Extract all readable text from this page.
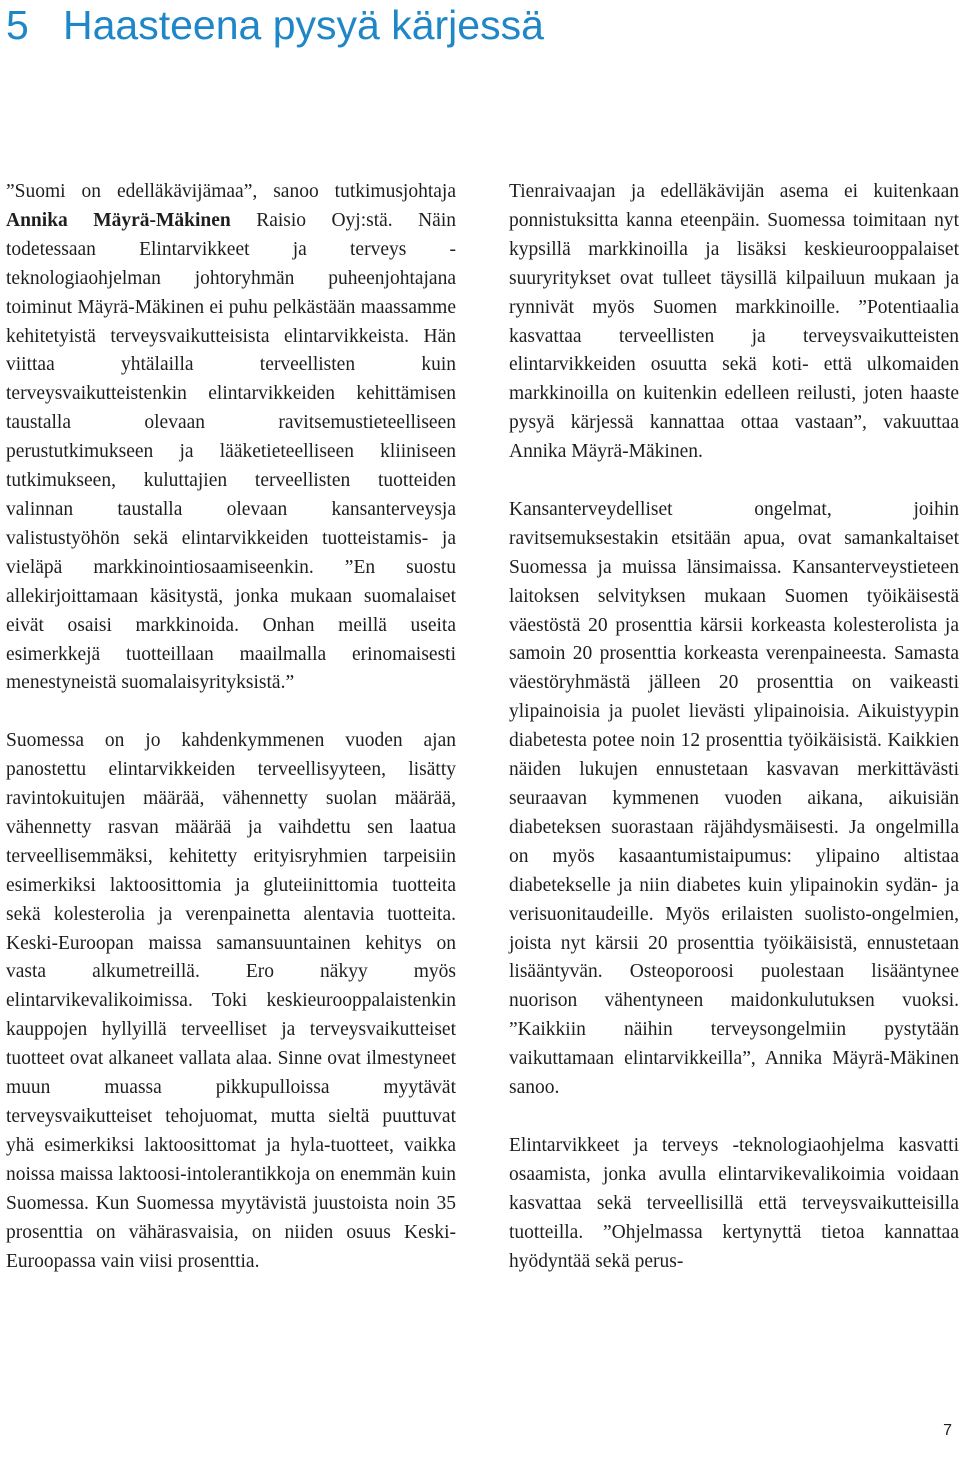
5 Haasteena pysyä kärjessä

”Suomi on edelläkävijämaa”, sanoo tutkimusjohtaja Annika Mäyrä-Mäkinen Raisio Oyj:stä. Näin todetessaan Elintarvikkeet ja terveys -teknologiaohjelman johtoryhmän puheenjohtajana toiminut Mäyrä-Mäkinen ei puhu pelkästään maassamme kehitetyistä terveysvaikutteisista elintarvikkeista. Hän viittaa yhtälailla terveellisten kuin terveysvaikutteistenkin elintarvikkeiden kehittämisen taustalla olevaan ravitsemustieteelliseen perustutkimukseen ja lääketieteelliseen kliiniseen tutkimukseen, kuluttajien terveellisten tuotteiden valinnan taustalla olevaan kansanterveysja valistustyöhön sekä elintarvikkeiden tuotteistamis- ja vieläpä markkinointiosaamiseenkin. ”En suostu allekirjoittamaan käsitystä, jonka mukaan suomalaiset eivät osaisi markkinoida. Onhan meillä useita esimerkkejä tuotteillaan maailmalla erinomaisesti menestyneistä suomalaisyrityksistä.”

Suomessa on jo kahdenkymmenen vuoden ajan panostettu elintarvikkeiden terveellisyyteen, lisätty ravintokuitujen määrää, vähennetty suolan määrää, vähennetty rasvan määrää ja vaihdettu sen laatua terveellisemmäksi, kehitetty erityisryhmien tarpeisiin esimerkiksi laktoosittomia ja gluteiinittomia tuotteita sekä kolesterolia ja verenpainetta alentavia tuotteita. Keski-Euroopan maissa samansuuntainen kehitys on vasta alkumetreillä. Ero näkyy myös elintarvikevalikoimissa. Toki keskieurooppalaistenkin kauppojen hyllyillä terveelliset ja terveysvaikutteiset tuotteet ovat alkaneet vallata alaa. Sinne ovat ilmestyneet muun muassa pikkupulloissa myytävät terveysvaikutteiset tehojuomat, mutta sieltä puuttuvat yhä esimerkiksi laktoosittomat ja hyla-tuotteet, vaikka noissa maissa laktoosi-intolerantikkoja on enemmän kuin Suomessa. Kun Suomessa myytävistä juustoista noin 35 prosenttia on vähärasvaisia, on niiden osuus Keski-Euroopassa vain viisi prosenttia.

Tienraivaajan ja edelläkävijän asema ei kuitenkaan ponnistuksitta kanna eteenpäin. Suomessa toimitaan nyt kypsillä markkinoilla ja lisäksi keskieurooppalaiset suuryritykset ovat tulleet täysillä kilpailuun mukaan ja rynnivät myös Suomen markkinoille. ”Potentiaalia kasvattaa terveellisten ja terveysvaikutteisten elintarvikkeiden osuutta sekä koti- että ulkomaiden markkinoilla on kuitenkin edelleen reilusti, joten haaste pysyä kärjessä kannattaa ottaa vastaan”, vakuuttaa Annika Mäyrä-Mäkinen.

Kansanterveydelliset ongelmat, joihin ravitsemuksestakin etsitään apua, ovat samankaltaiset Suomessa ja muissa länsimaissa. Kansanterveystieteen laitoksen selvityksen mukaan Suomen työikäisestä väestöstä 20 prosenttia kärsii korkeasta kolesterolista ja samoin 20 prosenttia korkeasta verenpaineesta. Samasta väestöryhmästä jälleen 20 prosenttia on vaikeasti ylipainoisia ja puolet lievästi ylipainoisia. Aikuistyypin diabetesta potee noin 12 prosenttia työikäisistä. Kaikkien näiden lukujen ennustetaan kasvavan merkittävästi seuraavan kymmenen vuoden aikana, aikuisiän diabeteksen suorastaan räjähdysmäisesti. Ja ongelmilla on myös kasaantumistaipumus: ylipaino altistaa diabetekselle ja niin diabetes kuin ylipainokin sydän- ja verisuonitaudeille. Myös erilaisten suolisto-ongelmien, joista nyt kärsii 20 prosenttia työikäisistä, ennustetaan lisääntyvän. Osteoporoosi puolestaan lisääntynee nuorison vähentyneen maidonkulutuksen vuoksi. ”Kaikkiin näihin terveysongelmiin pystytään vaikuttamaan elintarvikkeilla”, Annika Mäyrä-Mäkinen sanoo.

Elintarvikkeet ja terveys -teknologiaohjelma kasvatti osaamista, jonka avulla elintarvikevalikoimia voidaan kasvattaa sekä terveellisillä että terveysvaikutteisilla tuotteilla. ”Ohjelmassa kertynyttä tietoa kannattaa hyödyntää sekä perus-

7
